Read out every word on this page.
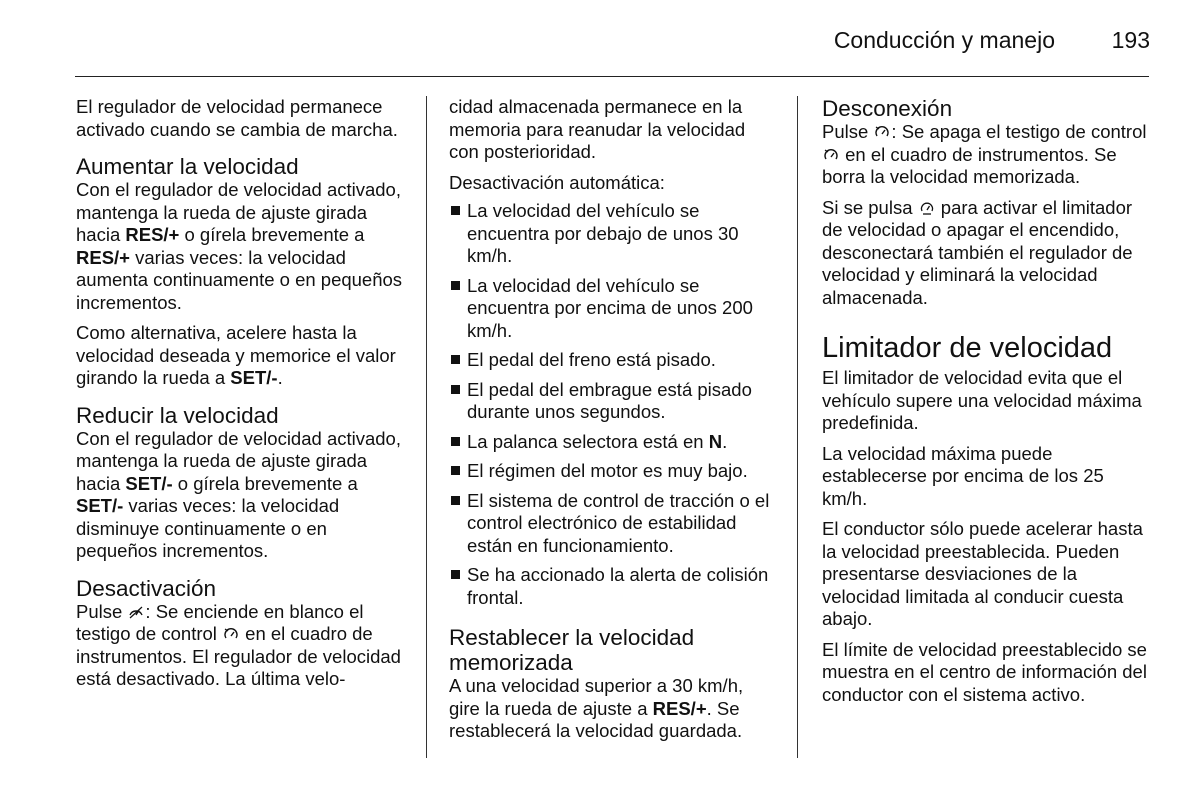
Conducción y manejo 193

El regulador de velocidad permanece activado cuando se cambia de marcha.

Aumentar la velocidad

Con el regulador de velocidad activado, mantenga la rueda de ajuste girada hacia RES/+ o gírela brevemente a RES/+ varias veces: la velocidad aumenta continuamente o en pequeños incrementos.

Como alternativa, acelere hasta la velocidad deseada y memorice el valor girando la rueda a SET/-.

Reducir la velocidad

Con el regulador de velocidad activado, mantenga la rueda de ajuste girada hacia SET/- o gírela brevemente a SET/- varias veces: la velocidad disminuye continuamente o en pequeños incrementos.

Desactivación

Pulse
: Se enciende en blanco el testigo de control
en el cuadro de instrumentos. El regulador de velocidad está desactivado. La última velo-

cidad almacenada permanece en la memoria para reanudar la velocidad con posterioridad.

Desactivación automática:

La velocidad del vehículo se encuentra por debajo de unos 30 km/h.
La velocidad del vehículo se encuentra por encima de unos 200 km/h.
El pedal del freno está pisado.
El pedal del embrague está pisado durante unos segundos.
La palanca selectora está en N.
El régimen del motor es muy bajo.
El sistema de control de tracción o el control electrónico de estabilidad están en funcionamiento.
Se ha accionado la alerta de colisión frontal.
Restablecer la velocidad memorizada

A una velocidad superior a 30 km/h, gire la rueda de ajuste a RES/+. Se restablecerá la velocidad guardada.

Desconexión

Pulse
: Se apaga el testigo de control
en el cuadro de instrumentos. Se borra la velocidad memorizada.

Si se pulsa
para activar el limitador de velocidad o apagar el encendido, desconectará también el regulador de velocidad y eliminará la velocidad almacenada.

Limitador de velocidad

El limitador de velocidad evita que el vehículo supere una velocidad máxima predefinida.

La velocidad máxima puede establecerse por encima de los 25 km/h.

El conductor sólo puede acelerar hasta la velocidad preestablecida. Pueden presentarse desviaciones de la velocidad limitada al conducir cuesta abajo.

El límite de velocidad preestablecido se muestra en el centro de información del conductor con el sistema activo.
